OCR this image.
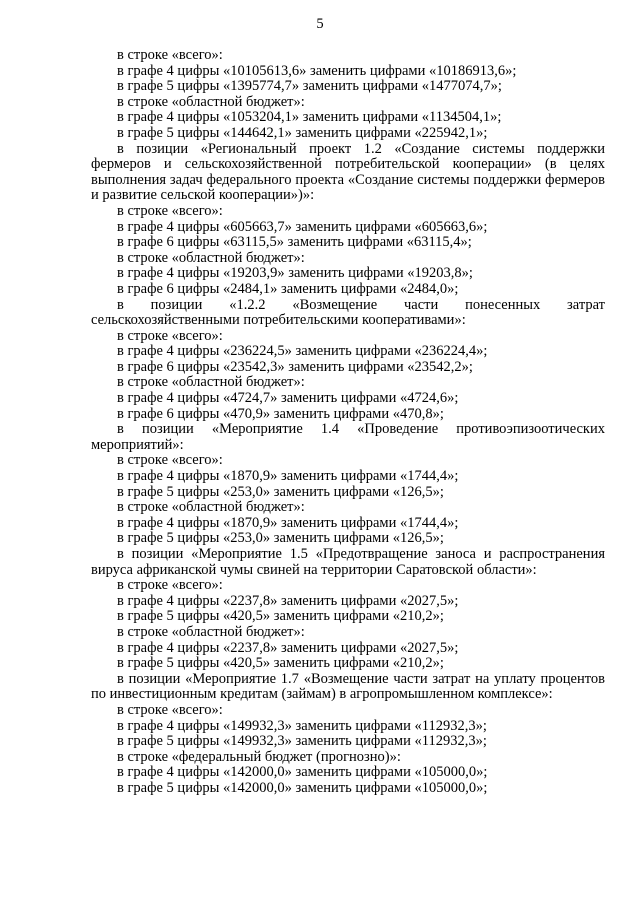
5
в строке «всего»:
в графе 4 цифры «10105613,6» заменить цифрами «10186913,6»;
в графе 5 цифры «1395774,7» заменить цифрами «1477074,7»;
в строке «областной бюджет»:
в графе 4 цифры «1053204,1» заменить цифрами «1134504,1»;
в графе 5 цифры «144642,1» заменить цифрами «225942,1»;
в позиции «Региональный проект 1.2 «Создание системы поддержки фермеров и сельскохозяйственной потребительской кооперации» (в целях выполнения задач федерального проекта «Создание системы поддержки фермеров и развитие сельской кооперации»)»:
в строке «всего»:
в графе 4 цифры «605663,7» заменить цифрами «605663,6»;
в графе 6 цифры «63115,5» заменить цифрами «63115,4»;
в строке «областной бюджет»:
в графе 4 цифры «19203,9» заменить цифрами «19203,8»;
в графе 6 цифры «2484,1» заменить цифрами «2484,0»;
в позиции «1.2.2 «Возмещение части понесенных затрат сельскохозяйственными потребительскими кооперативами»:
в строке «всего»:
в графе 4 цифры «236224,5» заменить цифрами «236224,4»;
в графе 6 цифры «23542,3» заменить цифрами «23542,2»;
в строке «областной бюджет»:
в графе 4 цифры «4724,7» заменить цифрами «4724,6»;
в графе 6 цифры «470,9» заменить цифрами «470,8»;
в позиции «Мероприятие 1.4 «Проведение противоэпизоотических мероприятий»:
в строке «всего»:
в графе 4 цифры «1870,9» заменить цифрами «1744,4»;
в графе 5 цифры «253,0» заменить цифрами «126,5»;
в строке «областной бюджет»:
в графе 4 цифры «1870,9» заменить цифрами «1744,4»;
в графе 5 цифры «253,0» заменить цифрами «126,5»;
в позиции «Мероприятие 1.5 «Предотвращение заноса и распространения вируса африканской чумы свиней на территории Саратовской области»:
в строке «всего»:
в графе 4 цифры «2237,8» заменить цифрами «2027,5»;
в графе 5 цифры «420,5» заменить цифрами «210,2»;
в строке «областной бюджет»:
в графе 4 цифры «2237,8» заменить цифрами «2027,5»;
в графе 5 цифры «420,5» заменить цифрами «210,2»;
в позиции «Мероприятие 1.7 «Возмещение части затрат на уплату процентов по инвестиционным кредитам (займам) в агропромышленном комплексе»:
в строке «всего»:
в графе 4 цифры «149932,3» заменить цифрами «112932,3»;
в графе 5 цифры «149932,3» заменить цифрами «112932,3»;
в строке «федеральный бюджет (прогнозно)»:
в графе 4 цифры «142000,0» заменить цифрами «105000,0»;
в графе 5 цифры «142000,0» заменить цифрами «105000,0»;
